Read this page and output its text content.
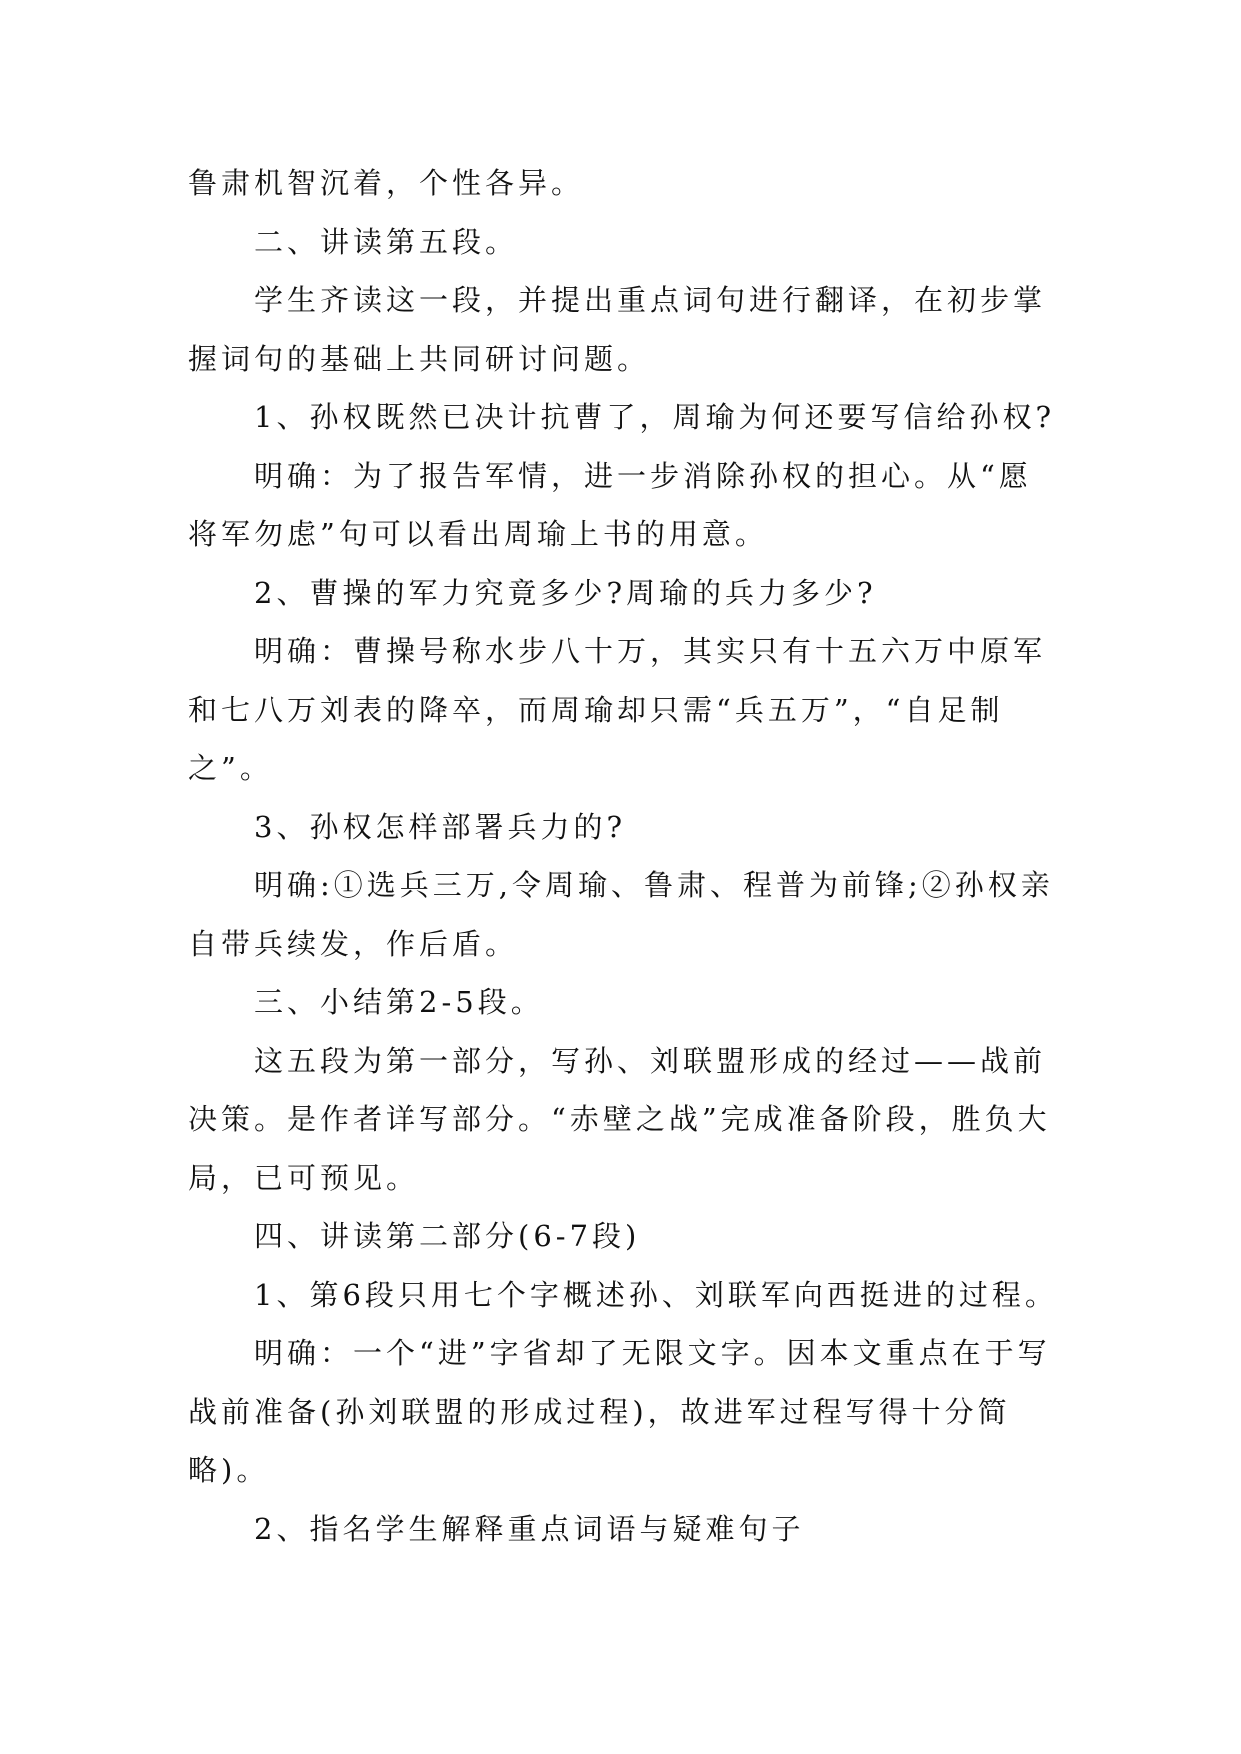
鲁肃机智沉着，个性各异。

二、讲读第五段。

学生齐读这一段，并提出重点词句进行翻译，在初步掌握词句的基础上共同研讨问题。

1、孙权既然已决计抗曹了，周瑜为何还要写信给孙权?

明确：为了报告军情，进一步消除孙权的担心。从“愿将军勿虑”句可以看出周瑜上书的用意。

2、曹操的军力究竟多少?周瑜的兵力多少?

明确：曹操号称水步八十万，其实只有十五六万中原军和七八万刘表的降卒，而周瑜却只需“兵五万”，“自足制之”。

3、孙权怎样部署兵力的?

明确:①选兵三万,令周瑜、鲁肃、程普为前锋;②孙权亲自带兵续发，作后盾。

三、小结第2-5段。

这五段为第一部分，写孙、刘联盟形成的经过——战前决策。是作者详写部分。“赤壁之战”完成准备阶段，胜负大局，已可预见。

四、讲读第二部分(6-7段)

1、第6段只用七个字概述孙、刘联军向西挺进的过程。

明确：一个“进”字省却了无限文字。因本文重点在于写战前准备(孙刘联盟的形成过程)，故进军过程写得十分简略)。

2、指名学生解释重点词语与疑难句子
